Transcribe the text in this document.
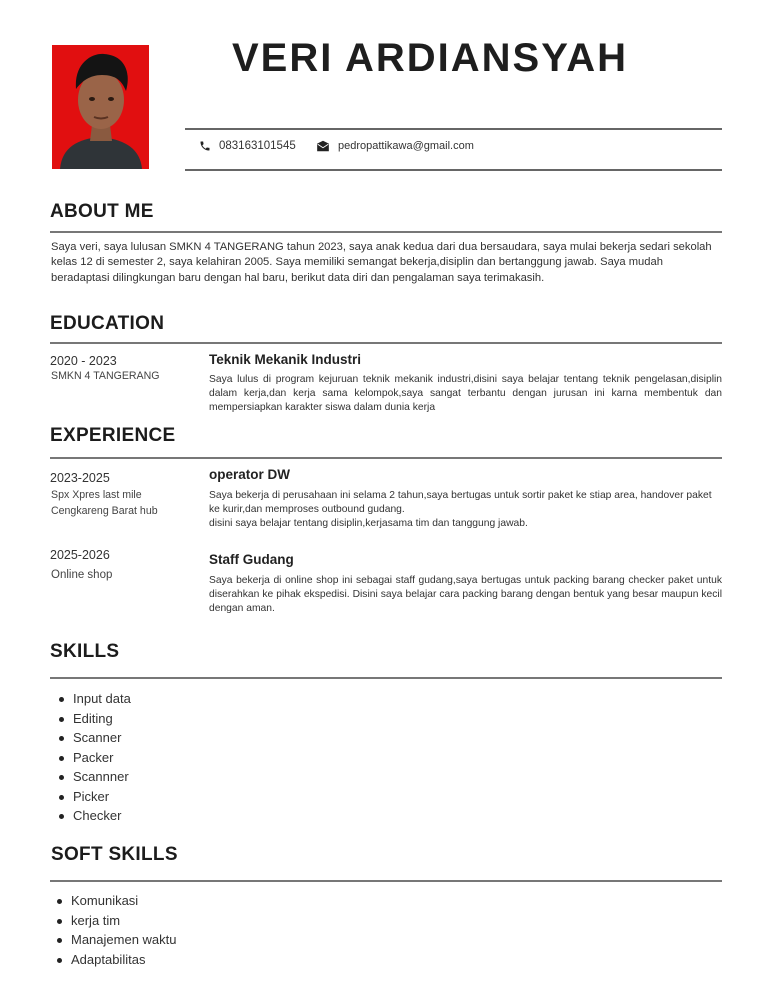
VERI ARDIANSYAH
083163101545	pedropattikawa@gmail.com
ABOUT ME
Saya veri, saya lulusan SMKN 4 TANGERANG tahun 2023, saya anak kedua dari dua bersaudara, saya mulai bekerja sedari sekolah kelas 12 di semester 2, saya kelahiran 2005. Saya memiliki semangat bekerja,disiplin dan bertanggung jawab. Saya mudah beradaptasi dilingkungan baru dengan hal baru, berikut data diri dan pengalaman saya terimakasih.
EDUCATION
2020 - 2023
SMKN 4 TANGERANG
Teknik Mekanik Industri
Saya lulus di program kejuruan teknik mekanik industri,disini saya belajar tentang teknik pengelasan,disiplin dalam kerja,dan kerja sama kelompok,saya sangat terbantu dengan jurusan ini karna membentuk dan mempersiapkan karakter siswa dalam dunia kerja
EXPERIENCE
2023-2025
Spx Xpres last mile
Cengkareng Barat hub
operator DW
Saya bekerja di perusahaan ini selama 2 tahun,saya bertugas untuk sortir paket ke stiap area, handover paket ke kurir,dan memproses outbound gudang.
disini saya belajar tentang disiplin,kerjasama tim dan tanggung jawab.
2025-2026
Online shop
Staff Gudang
Saya bekerja di online shop ini sebagai staff gudang,saya bertugas untuk packing barang checker paket untuk diserahkan ke pihak ekspedisi. Disini saya belajar cara packing barang dengan bentuk yang besar maupun kecil dengan aman.
SKILLS
Input data
Editing
Scanner
Packer
Scannner
Picker
Checker
SOFT SKILLS
Komunikasi
kerja tim
Manajemen waktu
Adaptabilitas
